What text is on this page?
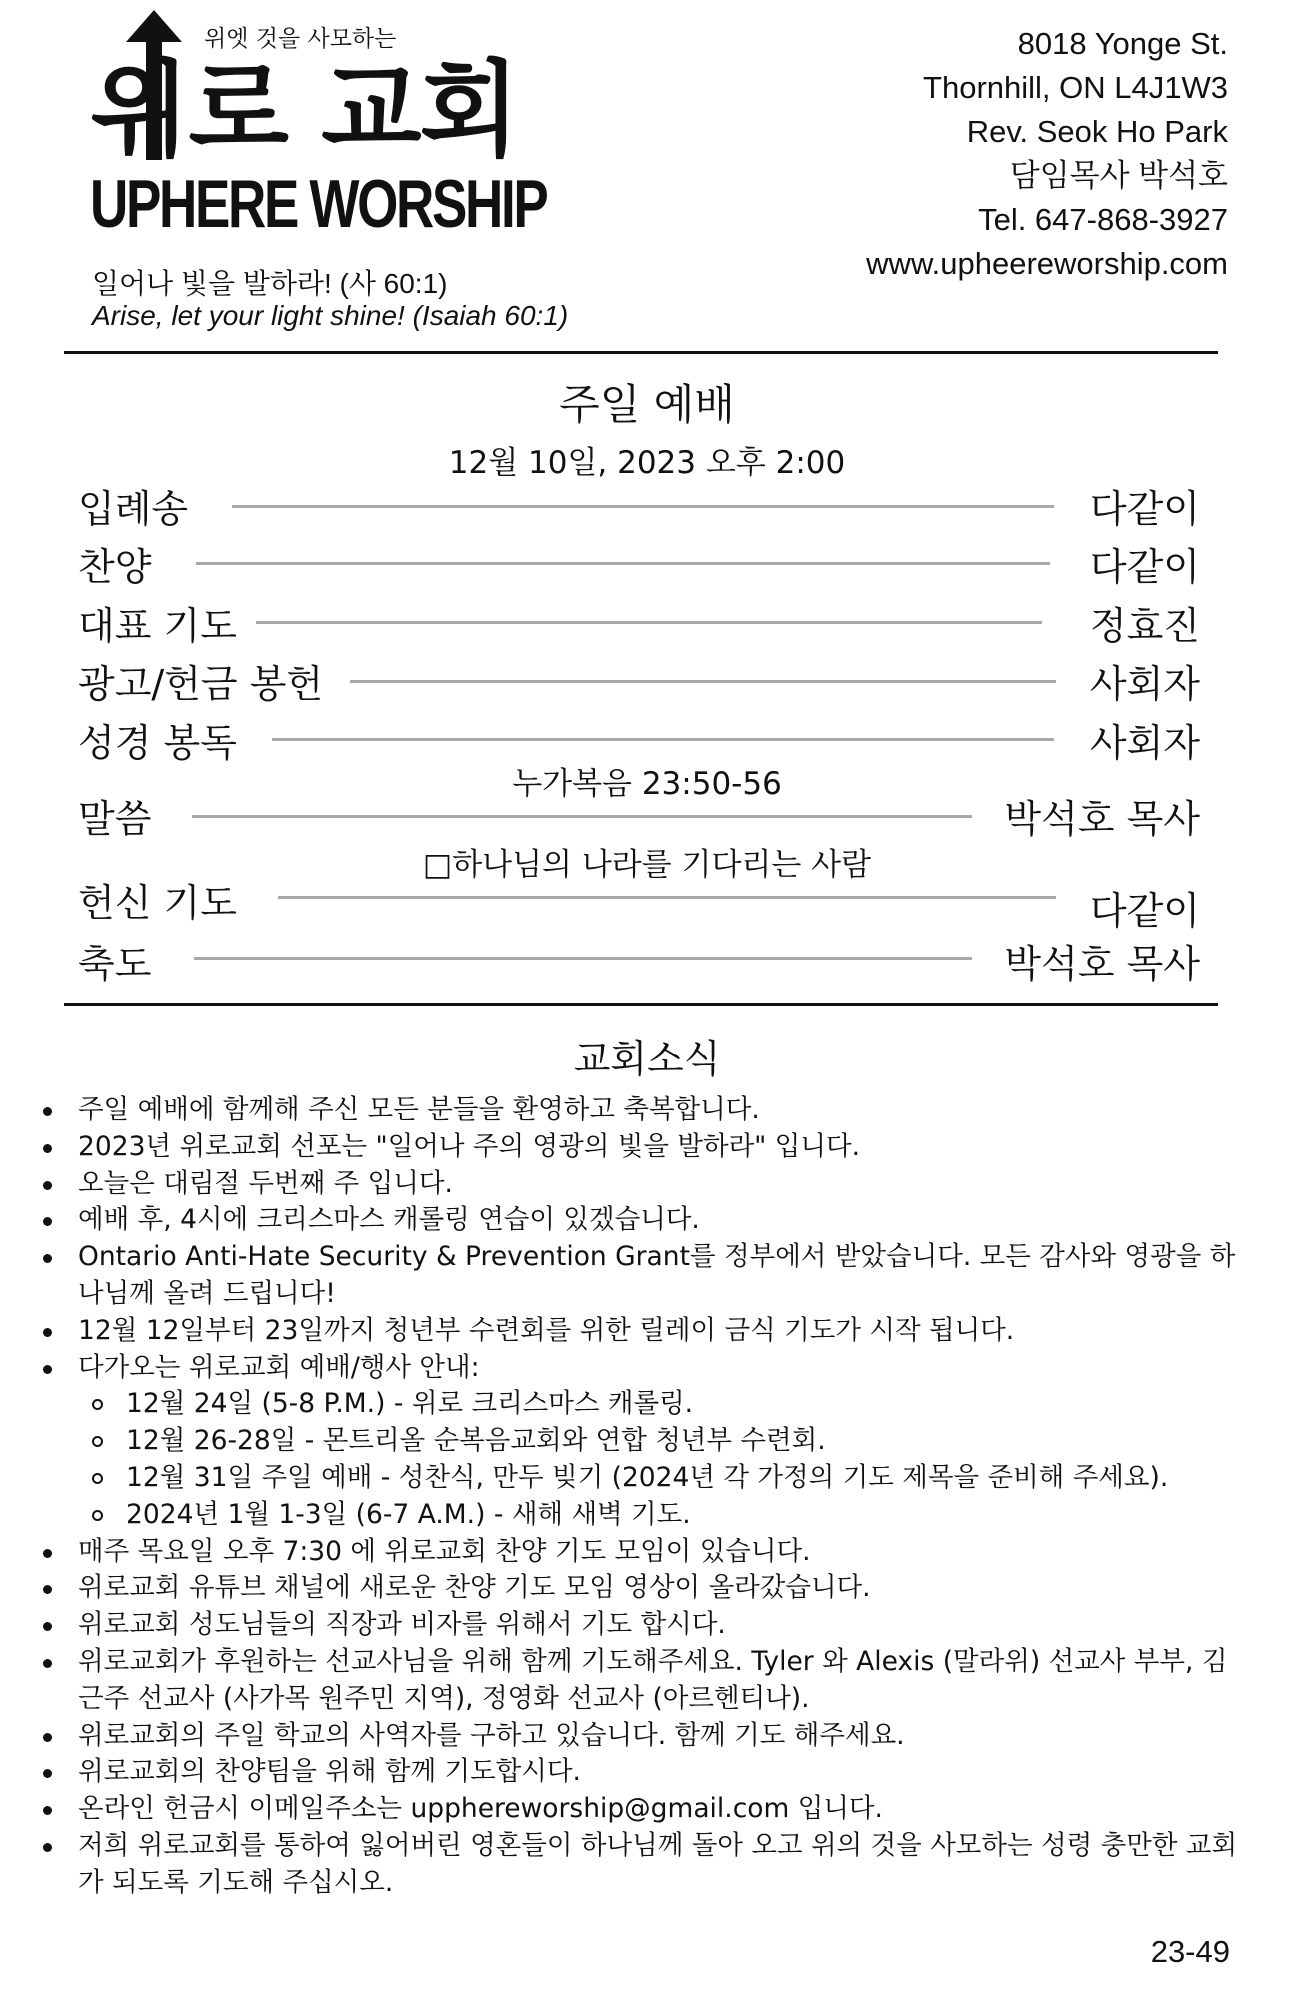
위엣 것을 사모하는
위로 교회
UPHERE WORSHIP
일어나 빛을 발하라! (사 60:1)
Arise, let your light shine! (Isaiah 60:1)
8018 Yonge St.
Thornhill, ON L4J1W3
Rev. Seok Ho Park
담임목사 박석호
Tel. 647-868-3927
www.upheereworship.com
주일 예배
12월 10일, 2023 오후 2:00
입례송	다같이
찬양	다같이
대표 기도	정효진
광고/헌금 봉헌	사회자
성경 봉독	사회자
누가복음 23:50-56
말씀	박석호 목사
□하나님의 나라를 기다리는 사람
헌신 기도	다같이
축도	박석호 목사
교회소식
주일 예배에 함께해 주신 모든 분들을 환영하고 축복합니다.
2023년 위로교회 선포는 "일어나 주의 영광의 빛을 발하라" 입니다.
오늘은 대림절 두번째 주 입니다.
예배 후, 4시에 크리스마스 캐롤링 연습이 있겠습니다.
Ontario Anti-Hate Security & Prevention Grant를 정부에서 받았습니다. 모든 감사와 영광을 하나님께 올려 드립니다!
12월 12일부터 23일까지 청년부 수련회를 위한 릴레이 금식 기도가 시작 됩니다.
다가오는 위로교회 예배/행사 안내:
12월 24일 (5-8 P.M.) - 위로 크리스마스 캐롤링.
12월 26-28일 - 몬트리올 순복음교회와 연합 청년부 수련회.
12월 31일 주일 예배 - 성찬식, 만두 빚기 (2024년 각 가정의 기도 제목을 준비해 주세요).
2024년 1월 1-3일 (6-7 A.M.) - 새해 새벽 기도.
매주 목요일 오후 7:30 에 위로교회 찬양 기도 모임이 있습니다.
위로교회 유튜브 채널에 새로운 찬양 기도 모임 영상이 올라갔습니다.
위로교회 성도님들의 직장과 비자를 위해서 기도 합시다.
위로교회가 후원하는 선교사님을 위해 함께 기도해주세요. Tyler 와 Alexis (말라위) 선교사 부부, 김근주 선교사 (사가목 원주민 지역), 정영화 선교사 (아르헨티나).
위로교회의 주일 학교의 사역자를 구하고 있습니다. 함께 기도 해주세요.
위로교회의 찬양팀을 위해 함께 기도합시다.
온라인 헌금시 이메일주소는 upphereworship@gmail.com 입니다.
저희 위로교회를 통하여 잃어버린 영혼들이 하나님께 돌아 오고 위의 것을 사모하는 성령 충만한 교회가 되도록 기도해 주십시오.
23-49
